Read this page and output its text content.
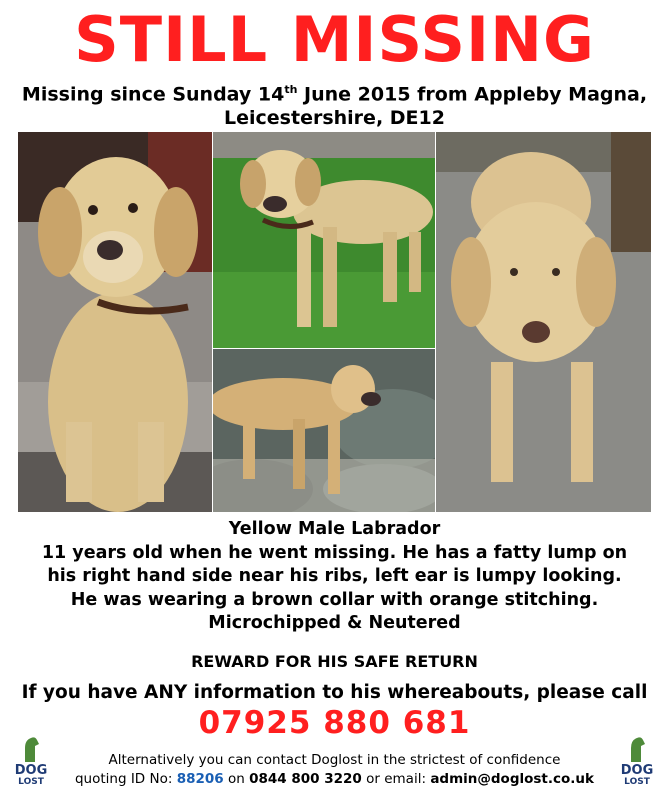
STILL MISSING
Missing since Sunday 14th June 2015 from Appleby Magna,
Leicestershire, DE12
Yellow Male Labrador
11 years old when he went missing. He has a fatty lump on
his right hand side near his ribs, left ear is lumpy looking.
He was wearing a brown collar with orange stitching.
Microchipped & Neutered
REWARD FOR HIS SAFE RETURN
If you have ANY information to his whereabouts, please call
07925 880 681
Alternatively you can contact Doglost in the strictest of confidence
quoting ID No: 88206 on 0844 800 3220 or email: admin@doglost.co.uk
DOG
LOST
DOG
LOST
